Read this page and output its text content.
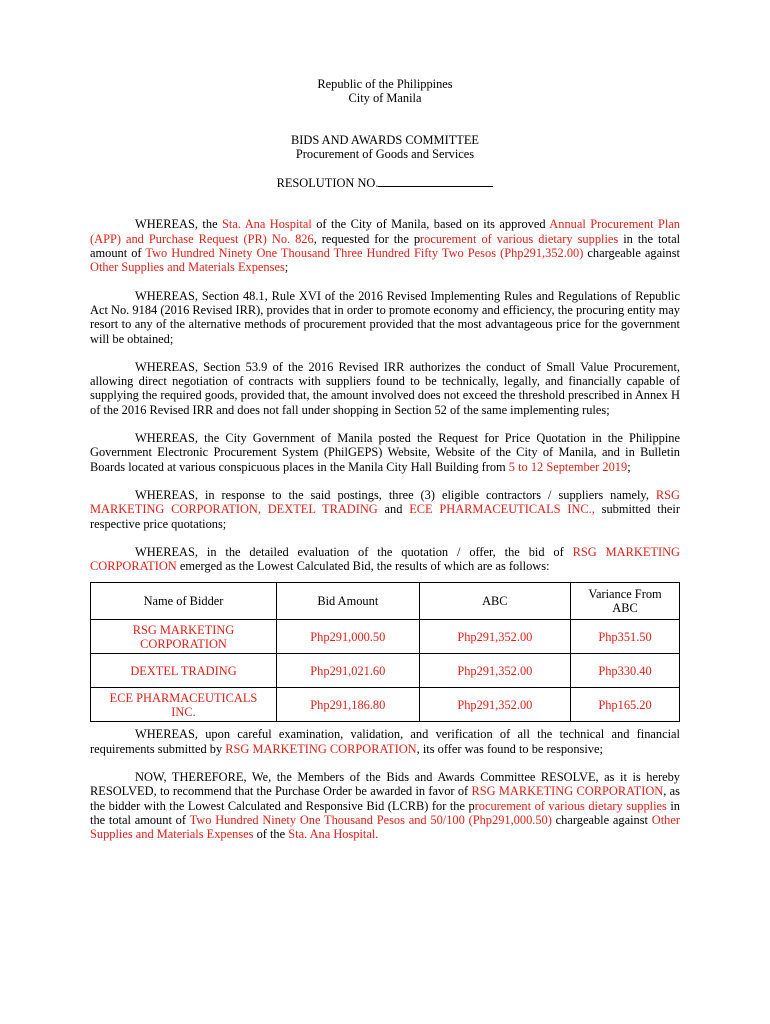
Republic of the Philippines
City of Manila
BIDS AND AWARDS COMMITTEE
Procurement of Goods and Services
RESOLUTION NO.

WHEREAS, the Sta. Ana Hospital of the City of Manila, based on its approved Annual Procurement Plan (APP) and Purchase Request (PR) No. 826, requested for the procurement of various dietary supplies in the total amount of Two Hundred Ninety One Thousand Three Hundred Fifty Two Pesos (Php291,352.00) chargeable against Other Supplies and Materials Expenses;

WHEREAS, Section 48.1, Rule XVI of the 2016 Revised Implementing Rules and Regulations of Republic Act No. 9184 (2016 Revised IRR), provides that in order to promote economy and efficiency, the procuring entity may resort to any of the alternative methods of procurement provided that the most advantageous price for the government will be obtained;

WHEREAS, Section 53.9 of the 2016 Revised IRR authorizes the conduct of Small Value Procurement, allowing direct negotiation of contracts with suppliers found to be technically, legally, and financially capable of supplying the required goods, provided that, the amount involved does not exceed the threshold prescribed in Annex H of the 2016 Revised IRR and does not fall under shopping in Section 52 of the same implementing rules;

WHEREAS, the City Government of Manila posted the Request for Price Quotation in the Philippine Government Electronic Procurement System (PhilGEPS) Website, Website of the City of Manila, and in Bulletin Boards located at various conspicuous places in the Manila City Hall Building from 5 to 12 September 2019;

WHEREAS, in response to the said postings, three (3) eligible contractors / suppliers namely, RSG MARKETING CORPORATION, DEXTEL TRADING and ECE PHARMACEUTICALS INC., submitted their respective price quotations;

WHEREAS, in the detailed evaluation of the quotation / offer, the bid of RSG MARKETING CORPORATION emerged as the Lowest Calculated Bid, the results of which are as follows:

Name of Bidder	Bid Amount	ABC	Variance From ABC
RSG MARKETING CORPORATION	Php291,000.50	Php291,352.00	Php351.50
DEXTEL TRADING	Php291,021.60	Php291,352.00	Php330.40
ECE PHARMACEUTICALS INC.	Php291,186.80	Php291,352.00	Php165.20

WHEREAS, upon careful examination, validation, and verification of all the technical and financial requirements submitted by RSG MARKETING CORPORATION, its offer was found to be responsive;

NOW, THEREFORE, We, the Members of the Bids and Awards Committee RESOLVE, as it is hereby RESOLVED, to recommend that the Purchase Order be awarded in favor of RSG MARKETING CORPORATION, as the bidder with the Lowest Calculated and Responsive Bid (LCRB) for the procurement of various dietary supplies in the total amount of Two Hundred Ninety One Thousand Pesos and 50/100 (Php291,000.50) chargeable against Other Supplies and Materials Expenses of the Sta. Ana Hospital.
